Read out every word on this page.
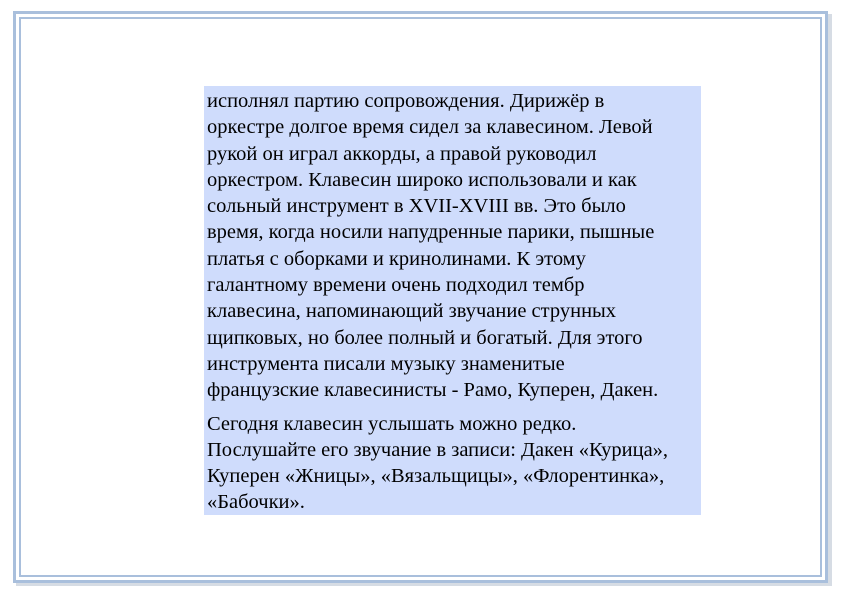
исполнял партию сопровождения. Дирижёр в
оркестре долгое время сидел за клавесином. Левой
рукой он играл аккорды, а правой руководил
оркестром. Клавесин широко использовали и как
сольный инструмент в XVII-XVIII вв. Это было
время, когда носили напудренные парики, пышные
платья с оборками и кринолинами. К этому
галантному времени очень подходил тембр
клавесина, напоминающий звучание струнных
щипковых, но более полный и богатый. Для этого
инструмента писали музыку знаменитые
французские клавесинисты - Рамо, Куперен, Дакен.

Сегодня клавесин услышать можно редко.
Послушайте его звучание в записи: Дакен «Курица»,
Куперен «Жницы», «Вязальщицы», «Флорентинка»,
«Бабочки».
